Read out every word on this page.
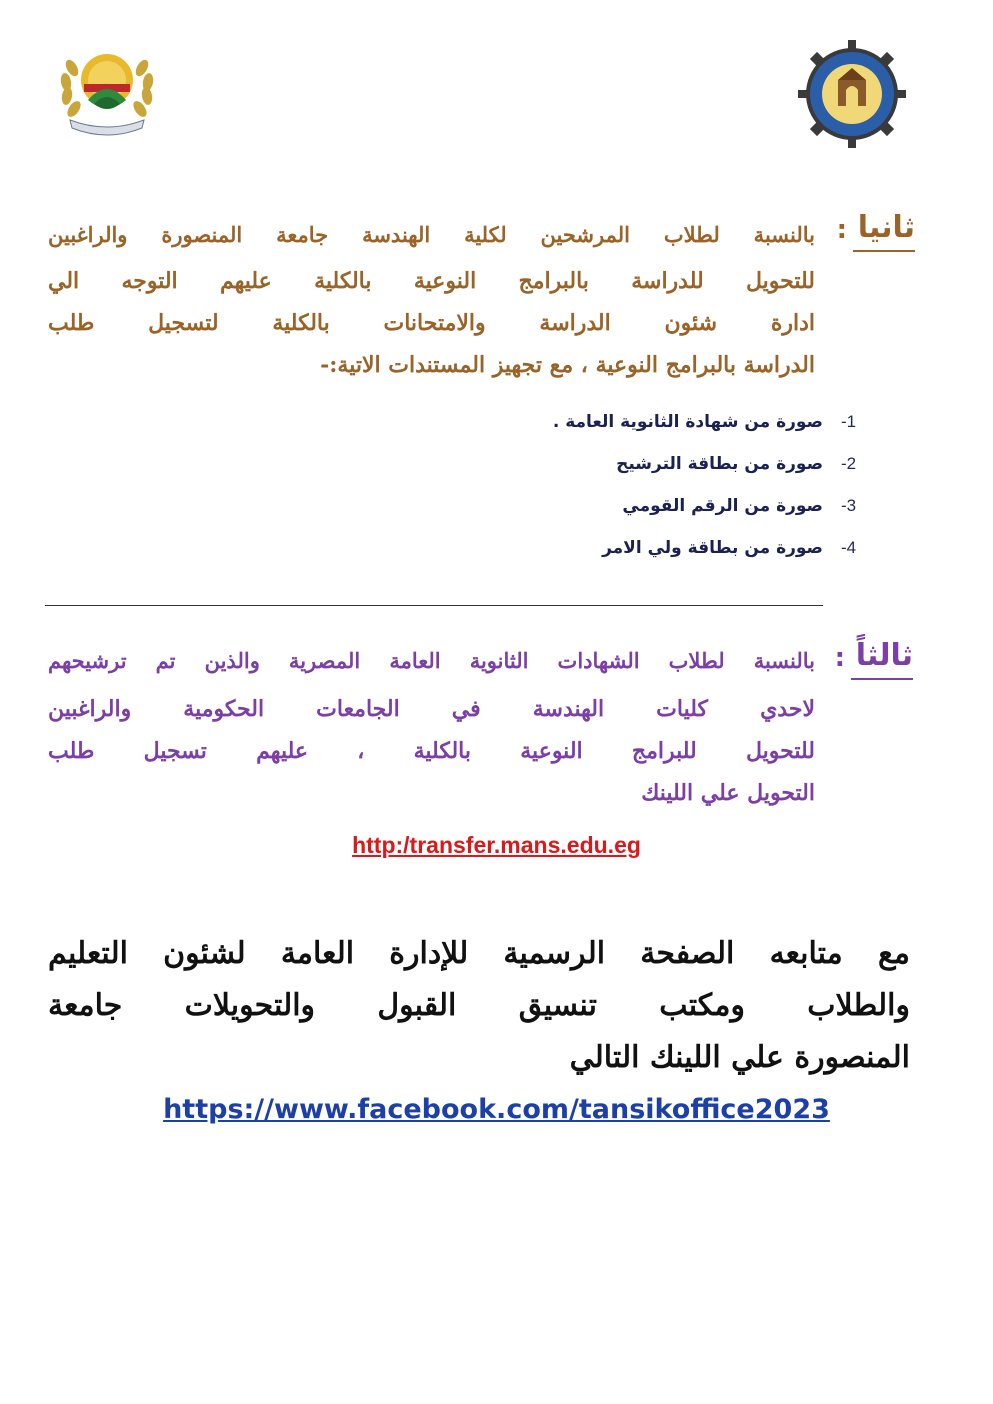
ثانيا
:
بالنسبة لطلاب المرشحين لكلية الهندسة جامعة المنصورة والراغبين
للتحويل للدراسة بالبرامج النوعية بالكلية عليهم التوجه الي
ادارة شئون الدراسة والامتحانات بالكلية لتسجيل طلب
الدراسة بالبرامج النوعية ، مع تجهيز المستندات الاتية:-
-1
صورة من شهادة الثانوية العامة .
-2
صورة من بطاقة الترشيح
-3
صورة من الرقم القومي
-4
صورة من بطاقة ولي الامر
ثالثاً
:
بالنسبة لطلاب الشهادات الثانوية العامة المصرية والذين تم ترشيحهم
لاحدي كليات الهندسة في الجامعات الحكومية والراغبين
للتحويل للبرامج النوعية بالكلية ، عليهم تسجيل طلب
التحويل علي اللينك
http:/transfer.mans.edu.eg
مع متابعه الصفحة الرسمية للإدارة العامة لشئون التعليم
والطلاب ومكتب تنسيق القبول والتحويلات جامعة
المنصورة علي اللينك التالي
https://www.facebook.com/tansikoffice2023
